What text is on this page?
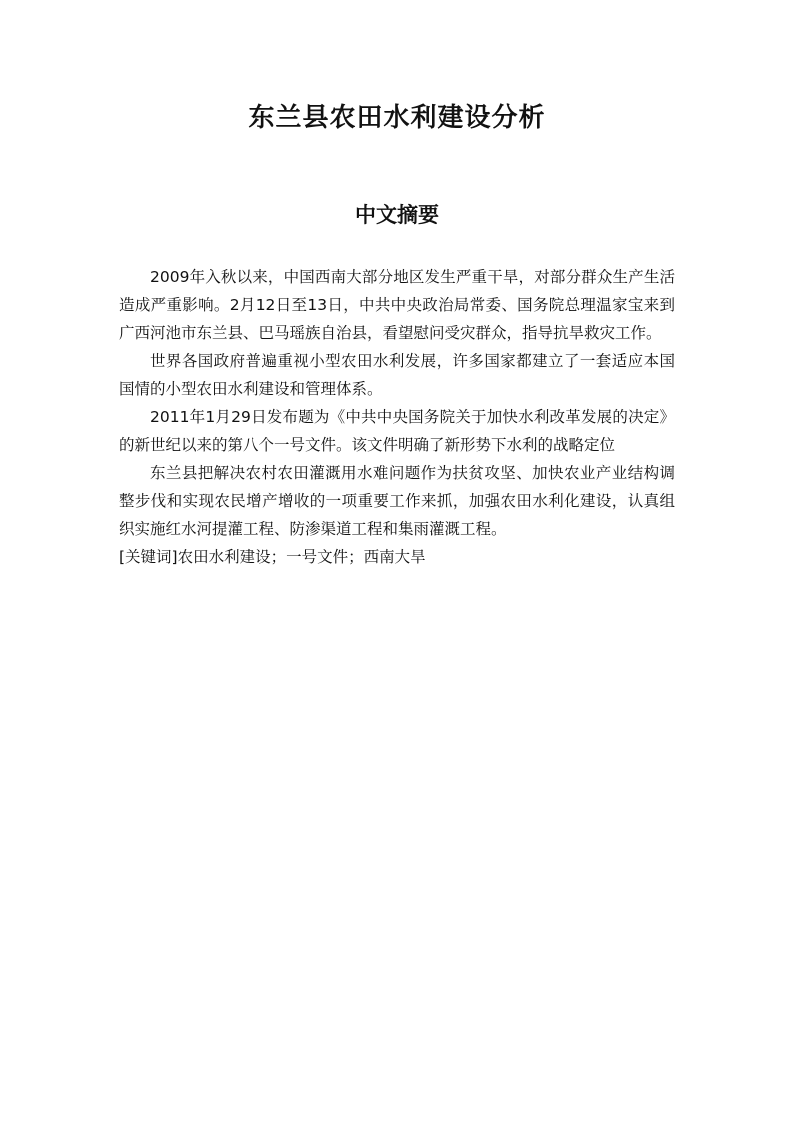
东兰县农田水利建设分析
中文摘要

2009年入秋以来，中国西南大部分地区发生严重干旱，对部分群众生产生活造成严重影响。2月12日至13日，中共中央政治局常委、国务院总理温家宝来到广西河池市东兰县、巴马瑶族自治县，看望慰问受灾群众，指导抗旱救灾工作。

世界各国政府普遍重视小型农田水利发展，许多国家都建立了一套适应本国国情的小型农田水利建设和管理体系。

2011年1月29日发布题为《中共中央国务院关于加快水利改革发展的决定》的新世纪以来的第八个一号文件。该文件明确了新形势下水利的战略定位

东兰县把解决农村农田灌溉用水难问题作为扶贫攻坚、加快农业产业结构调整步伐和实现农民增产增收的一项重要工作来抓，加强农田水利化建设，认真组织实施红水河提灌工程、防渗渠道工程和集雨灌溉工程。

[关键词]农田水利建设；一号文件；西南大旱
